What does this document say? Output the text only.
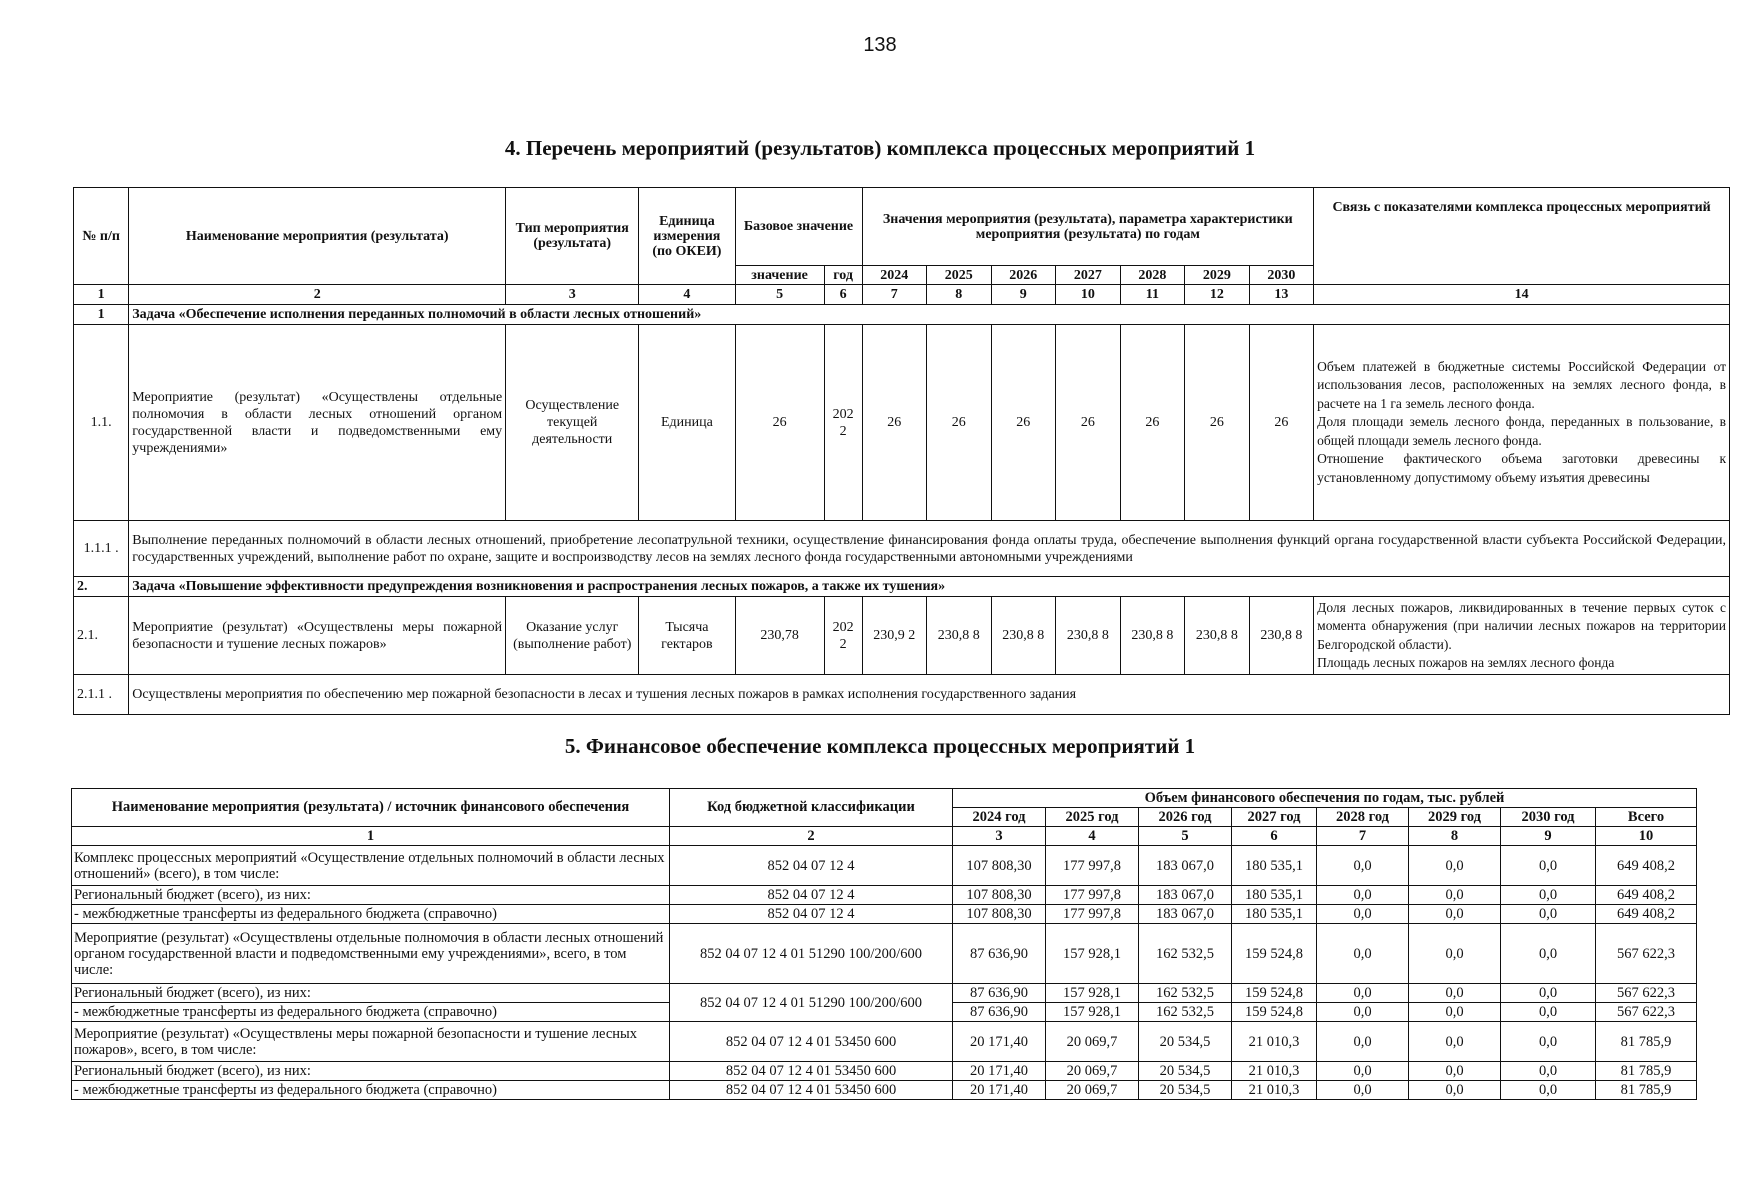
138
4. Перечень мероприятий (результатов) комплекса процессных мероприятий 1
№ п/п	Наименование мероприятия (результата)	Тип мероприятия (результата)	Единица измерения (по ОКЕИ)	Базовое значение		Значения мероприятия (результата), параметра характеристики мероприятия (результата) по годам							Связь с показателями комплекса процессных мероприятий
				значение	год	2024	2025	2026	2027	2028	2029	2030	
1	2	3	4	5	6	7	8	9	10	11	12	13	14
1	Задача «Обеспечение исполнения переданных полномочий в области лесных отношений»												
1.1.	Мероприятие (результат) «Осуществлены отдельные полномочия в области лесных отношений органом государственной власти и подведомственными ему учреждениями»	Осуществление текущей деятельности	Единица	26	202 2	26	26	26	26	26	26	26	Объем платежей в бюджетные системы Российской Федерации от использования лесов, расположенных на землях лесного фонда, в расчете на 1 га земель лесного фонда.
Доля площади земель лесного фонда, переданных в пользование, в общей площади земель лесного фонда.
Отношение фактического объема заготовки древесины к установленному допустимому объему изъятия древесины

1.1.1 .	Выполнение переданных полномочий в области лесных отношений, приобретение лесопатрульной техники, осуществление финансирования фонда оплаты труда, обеспечение выполнения функций органа государственной власти субъекта Российской Федерации, государственных учреждений, выполнение работ по охране, защите и воспроизводству лесов на землях лесного фонда государственными автономными учреждениями												
2.	Задача «Повышение эффективности предупреждения возникновения и распространения лесных пожаров, а также их тушения»												
2.1.	Мероприятие (результат) «Осуществлены меры пожарной безопасности и тушение лесных пожаров»	Оказание услуг (выполнение работ)	Тысяча гектаров	230,78	202 2	230,9 2	230,8 8	230,8 8	230,8 8	230,8 8	230,8 8	230,8 8	Доля лесных пожаров, ликвидированных в течение первых суток с момента обнаружения (при наличии лесных пожаров на территории Белгородской области).
Площадь лесных пожаров на землях лесного фонда

2.1.1 .	Осуществлены мероприятия по обеспечению мер пожарной безопасности в лесах и тушения лесных пожаров в рамках исполнения государственного задания												
5. Финансовое обеспечение комплекса процессных мероприятий 1
Наименование мероприятия (результата) / источник финансового обеспечения	Код бюджетной классификации	Объем финансового обеспечения по годам, тыс. рублей							
		2024 год	2025 год	2026 год	2027 год	2028 год	2029 год	2030 год	Всего
1	2	3	4	5	6	7	8	9	10
Комплекс процессных мероприятий «Осуществление отдельных полномочий в области лесных отношений» (всего), в том числе:	852 04 07 12 4	107 808,30	177 997,8	183 067,0	180 535,1	0,0	0,0	0,0	649 408,2
Региональный бюджет (всего), из них:	852 04 07 12 4	107 808,30	177 997,8	183 067,0	180 535,1	0,0	0,0	0,0	649 408,2
- межбюджетные трансферты из федерального бюджета (справочно)	852 04 07 12 4	107 808,30	177 997,8	183 067,0	180 535,1	0,0	0,0	0,0	649 408,2
Мероприятие (результат) «Осуществлены отдельные полномочия в области лесных отношений органом государственной власти и подведомственными ему учреждениями», всего, в том числе:	852 04 07 12 4 01 51290 100/200/600	87 636,90	157 928,1	162 532,5	159 524,8	0,0	0,0	0,0	567 622,3
Региональный бюджет (всего), из них:	852 04 07 12 4 01 51290 100/200/600	87 636,90	157 928,1	162 532,5	159 524,8	0,0	0,0	0,0	567 622,3
- межбюджетные трансферты из федерального бюджета (справочно)		87 636,90	157 928,1	162 532,5	159 524,8	0,0	0,0	0,0	567 622,3
Мероприятие (результат) «Осуществлены меры пожарной безопасности и тушение лесных пожаров», всего, в том числе:	852 04 07 12 4 01 53450 600	20 171,40	20 069,7	20 534,5	21 010,3	0,0	0,0	0,0	81 785,9
Региональный бюджет (всего), из них:	852 04 07 12 4 01 53450 600	20 171,40	20 069,7	20 534,5	21 010,3	0,0	0,0	0,0	81 785,9
- межбюджетные трансферты из федерального бюджета (справочно)	852 04 07 12 4 01 53450 600	20 171,40	20 069,7	20 534,5	21 010,3	0,0	0,0	0,0	81 785,9
